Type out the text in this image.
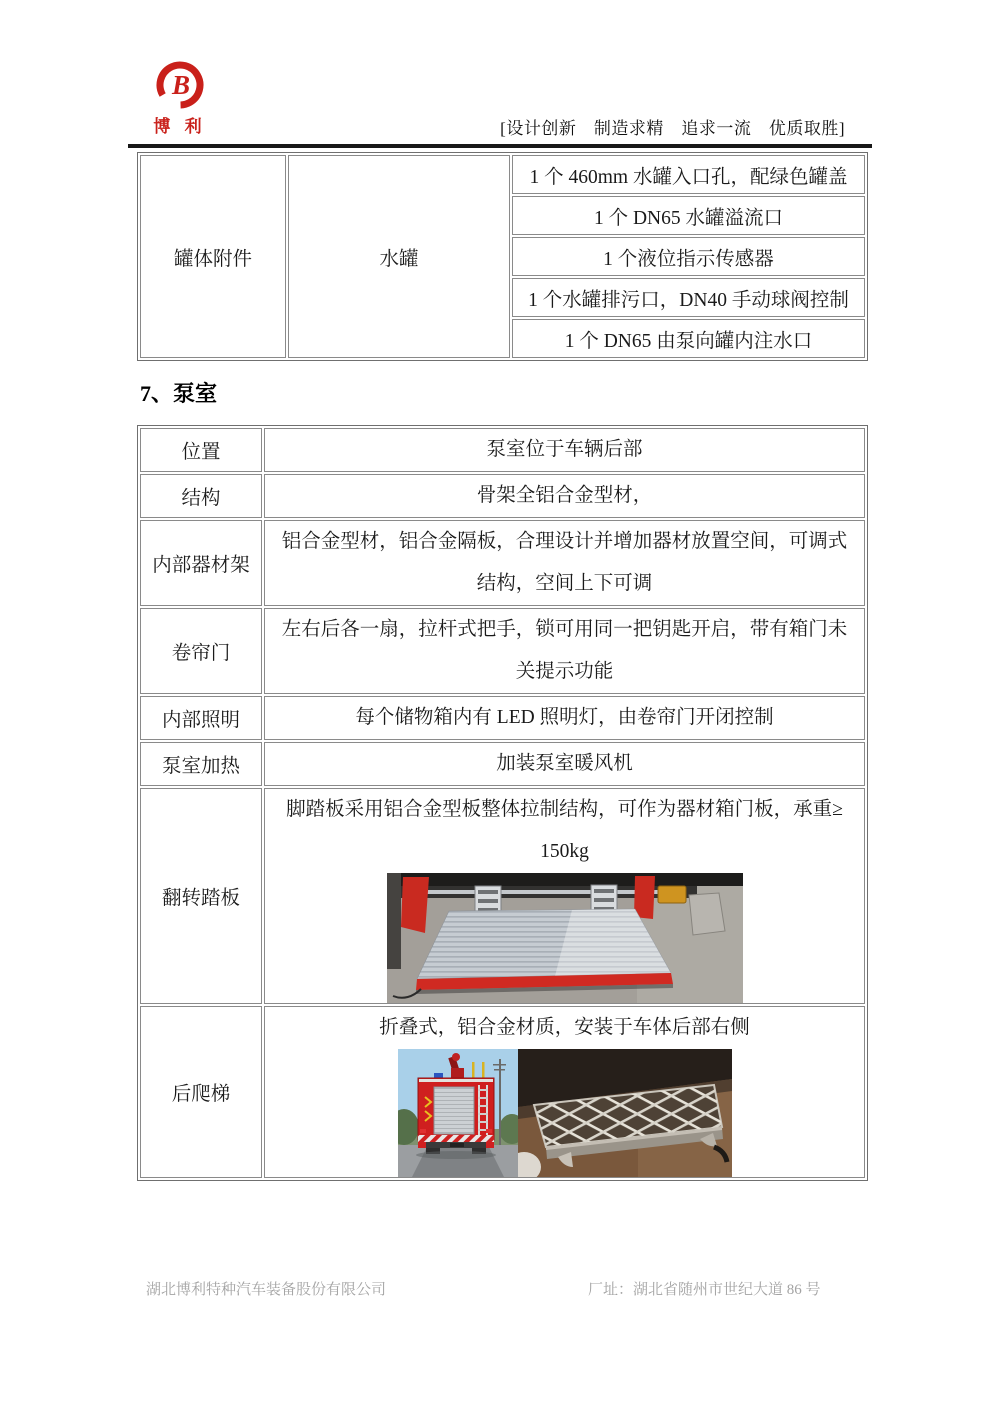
B
博 利	[设计创新　制造求精　追求一流　优质取胜]
罐体附件	水罐	1 个 460mm 水罐入口孔，配绿色罐盖
1 个 DN65 水罐溢流口
1 个液位指示传感器
1 个水罐排污口，DN40 手动球阀控制
1 个 DN65 由泵向罐内注水口
7、泵室
位置	泵室位于车辆后部

结构	骨架全铝合金型材，

内部器材架	铝合金型材，铝合金隔板，合理设计并增加器材放置空间，可调式
结构，空间上下可调

卷帘门	左右后各一扇，拉杆式把手，锁可用同一把钥匙开启，带有箱门未
关提示功能

内部照明	每个储物箱内有 LED 照明灯，由卷帘门开闭控制

泵室加热	加装泵室暖风机

翻转踏板	脚踏板采用铝合金型板整体拉制结构，可作为器材箱门板，承重≥
150kg

后爬梯	折叠式，铝合金材质，安装于车体后部右侧
湖北博利特种汽车装备股份有限公司	厂址：湖北省随州市世纪大道 86 号
